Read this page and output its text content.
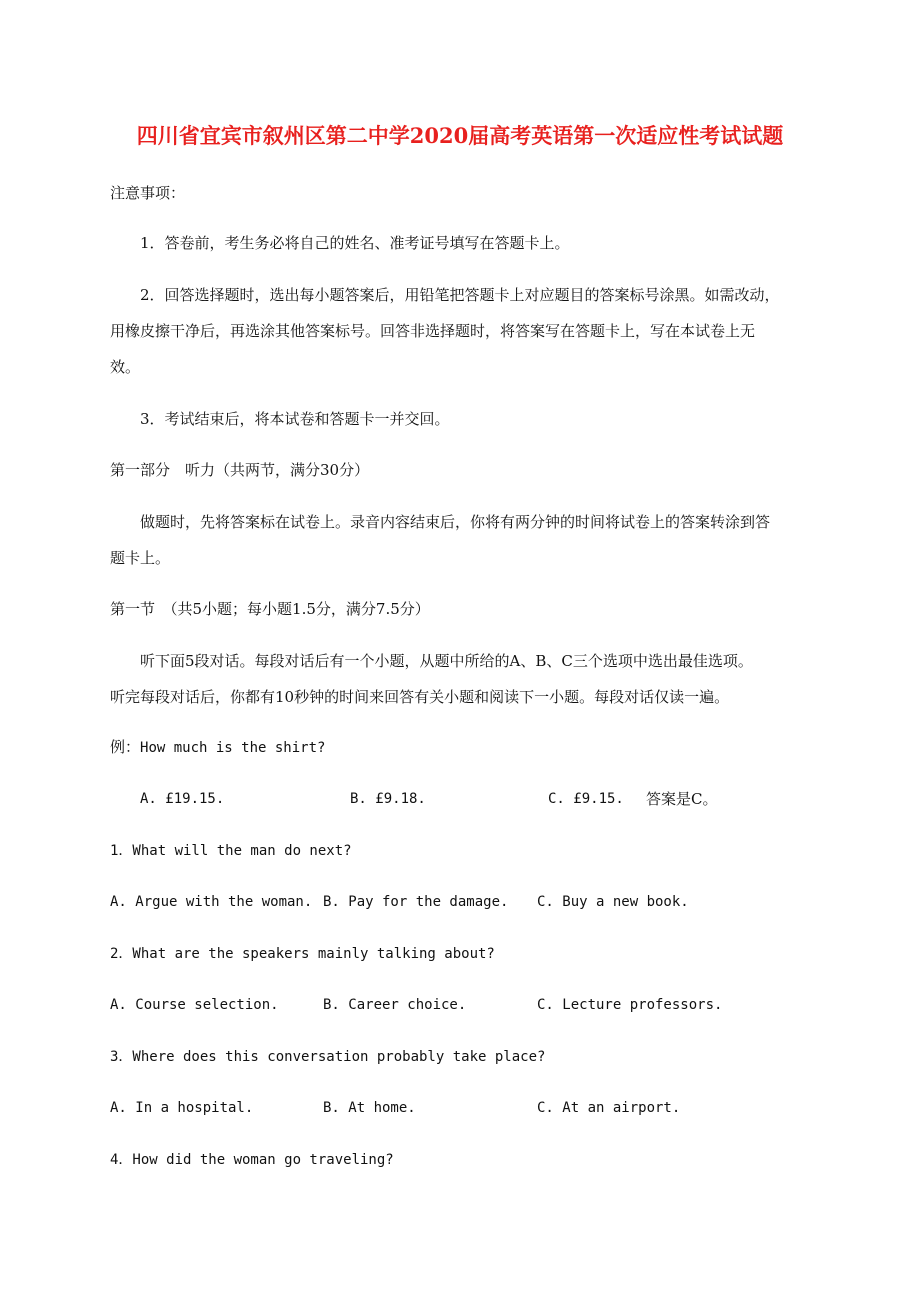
四川省宜宾市叙州区第二中学2020届高考英语第一次适应性考试试题
注意事项：
1．答卷前，考生务必将自己的姓名、准考证号填写在答题卡上。
2．回答选择题时，选出每小题答案后，用铅笔把答题卡上对应题目的答案标号涂黑。如需改动，
用橡皮擦干净后，再选涂其他答案标号。回答非选择题时，将答案写在答题卡上，写在本试卷上无
效。
3．考试结束后，将本试卷和答题卡一并交回。
第一部分　听力（共两节，满分30分）
做题时，先将答案标在试卷上。录音内容结束后，你将有两分钟的时间将试卷上的答案转涂到答
题卡上。
第一节　（共5小题；每小题1.5分，满分7.5分）
听下面5段对话。每段对话后有一个小题，从题中所给的A、B、C三个选项中选出最佳选项。
听完每段对话后，你都有10秒钟的时间来回答有关小题和阅读下一小题。每段对话仅读一遍。
例：How much is the shirt?
A. £19.15.	B. £9.18.	C. £9.15. 答案是C。
1．What will the man do next?
A. Argue with the woman. B. Pay for the damage. C. Buy a new book.
2．What are the speakers mainly talking about?
A. Course selection.	B. Career choice.	C. Lecture professors.
3．Where does this conversation probably take place?
A. In a hospital.	B. At home.	C. At an airport.
4．How did the woman go traveling?
